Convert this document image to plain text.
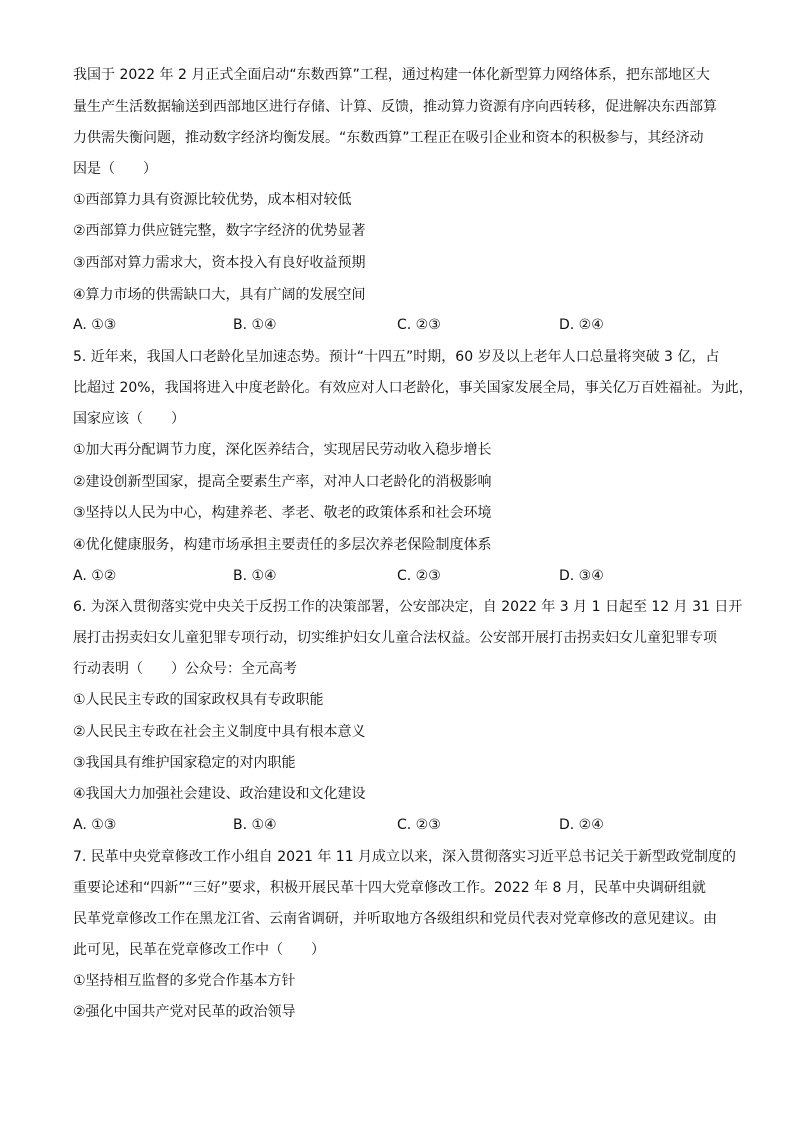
我国于 2022 年 2 月正式全面启动“东数西算”工程，通过构建一体化新型算力网络体系，把东部地区大
量生产生活数据输送到西部地区进行存储、计算、反馈，推动算力资源有序向西转移，促进解决东西部算
力供需失衡问题，推动数字经济均衡发展。“东数西算”工程正在吸引企业和资本的积极参与，其经济动
因是（　　）
①西部算力具有资源比较优势，成本相对较低
②西部算力供应链完整，数字字经济的优势显著
③西部对算力需求大，资本投入有良好收益预期
④算力市场的供需缺口大，具有广阔的发展空间
A. ①③	B. ①④	C. ②③	D. ②④
5. 近年来，我国人口老龄化呈加速态势。预计“十四五”时期，60 岁及以上老年人口总量将突破 3 亿，占
比超过 20%，我国将进入中度老龄化。有效应对人口老龄化，事关国家发展全局，事关亿万百姓福祉。为此，
国家应该（　　）
①加大再分配调节力度，深化医养结合，实现居民劳动收入稳步增长
②建设创新型国家，提高全要素生产率，对冲人口老龄化的消极影响
③坚持以人民为中心，构建养老、孝老、敬老的政策体系和社会环境
④优化健康服务，构建市场承担主要责任的多层次养老保险制度体系
A. ①②	B. ①④	C. ②③	D. ③④
6. 为深入贯彻落实党中央关于反拐工作的决策部署，公安部决定，自 2022 年 3 月 1 日起至 12 月 31 日开
展打击拐卖妇女儿童犯罪专项行动，切实维护妇女儿童合法权益。公安部开展打击拐卖妇女儿童犯罪专项
行动表明（　　）公众号：全元高考
①人民民主专政的国家政权具有专政职能
②人民民主专政在社会主义制度中具有根本意义
③我国具有维护国家稳定的对内职能
④我国大力加强社会建设、政治建设和文化建设
A. ①③	B. ①④	C. ②③	D. ②④
7. 民革中央党章修改工作小组自 2021 年 11 月成立以来，深入贯彻落实习近平总书记关于新型政党制度的
重要论述和“四新”“三好”要求，积极开展民革十四大党章修改工作。2022 年 8 月，民革中央调研组就
民革党章修改工作在黑龙江省、云南省调研，并听取地方各级组织和党员代表对党章修改的意见建议。由
此可见，民革在党章修改工作中（　　）
①坚持相互监督的多党合作基本方针
②强化中国共产党对民革的政治领导
